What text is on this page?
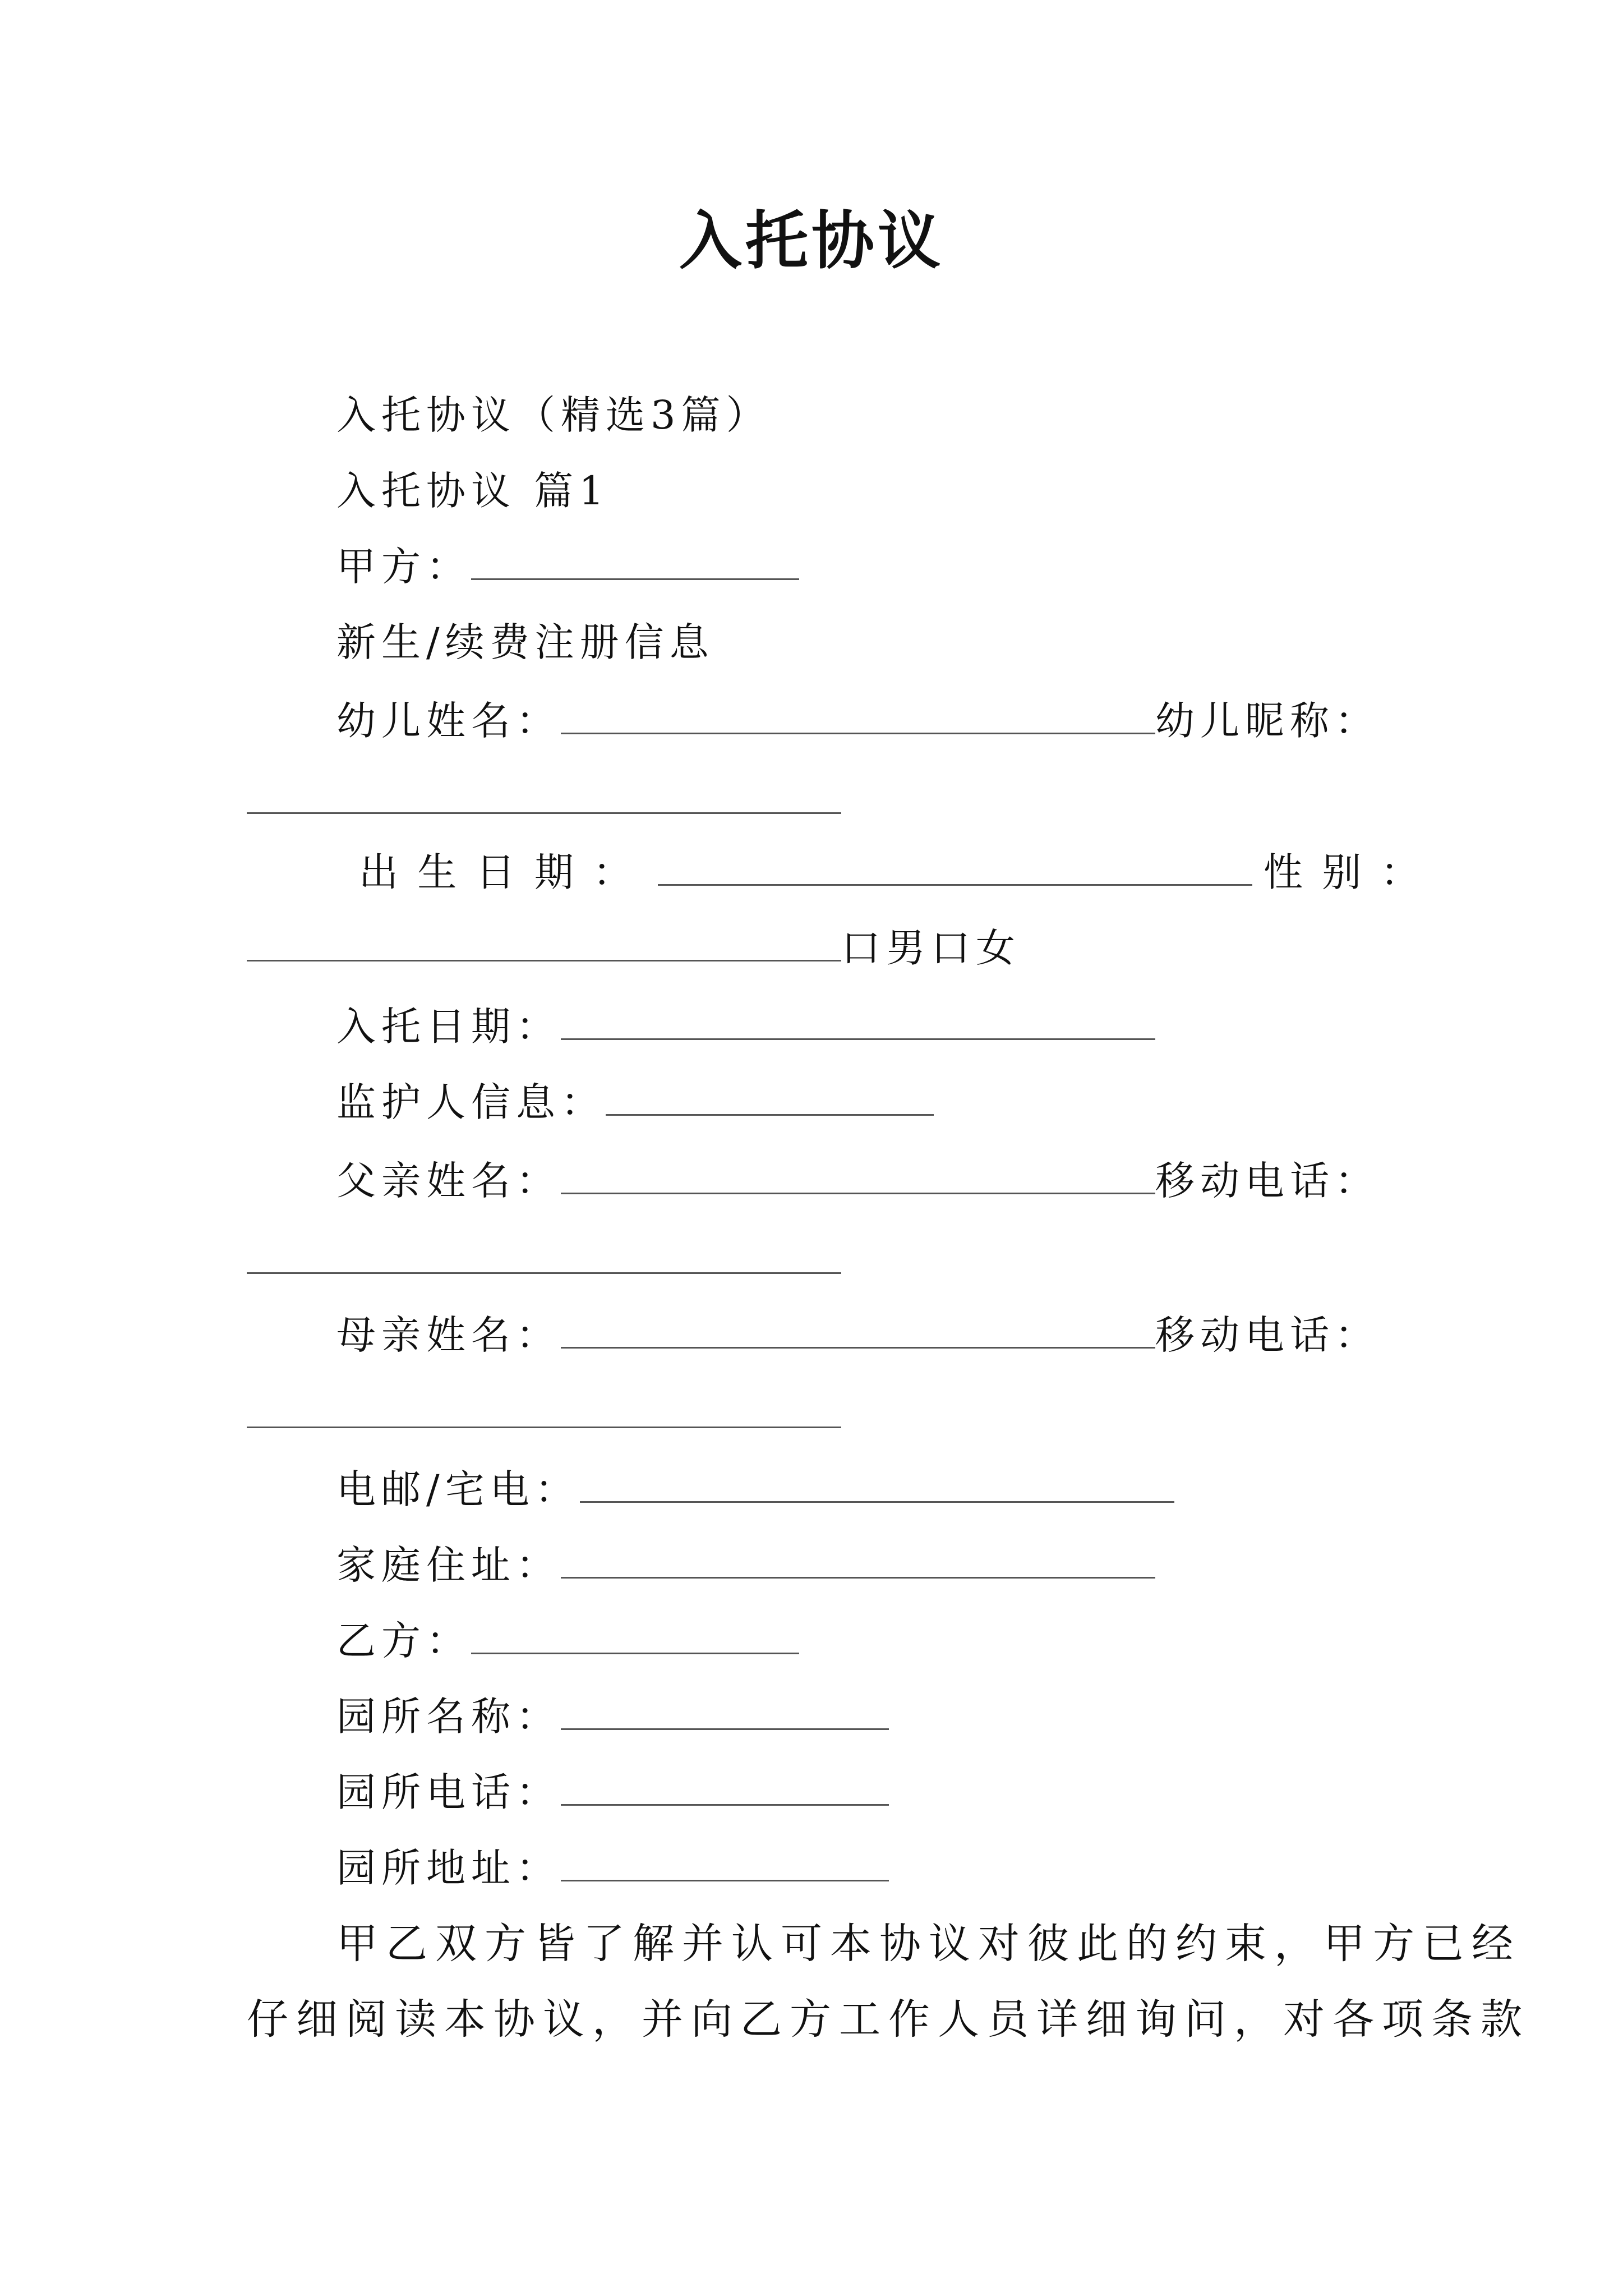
入托协议
入托协议（精选3篇）
入托协议 篇1
甲方：
新生/续费注册信息
幼儿姓名：	幼儿昵称：
出 生 日 期 ：	性 别 ：
口男口女
入托日期：
监护人信息：
父亲姓名：	移动电话：
母亲姓名：	移动电话：
电邮/宅电：
家庭住址：
乙方：
园所名称：
园所电话：
园所地址：
甲乙双方皆了解并认可本协议对彼此的约束，甲方已经
仔细阅读本协议，并向乙方工作人员详细询问，对各项条款
